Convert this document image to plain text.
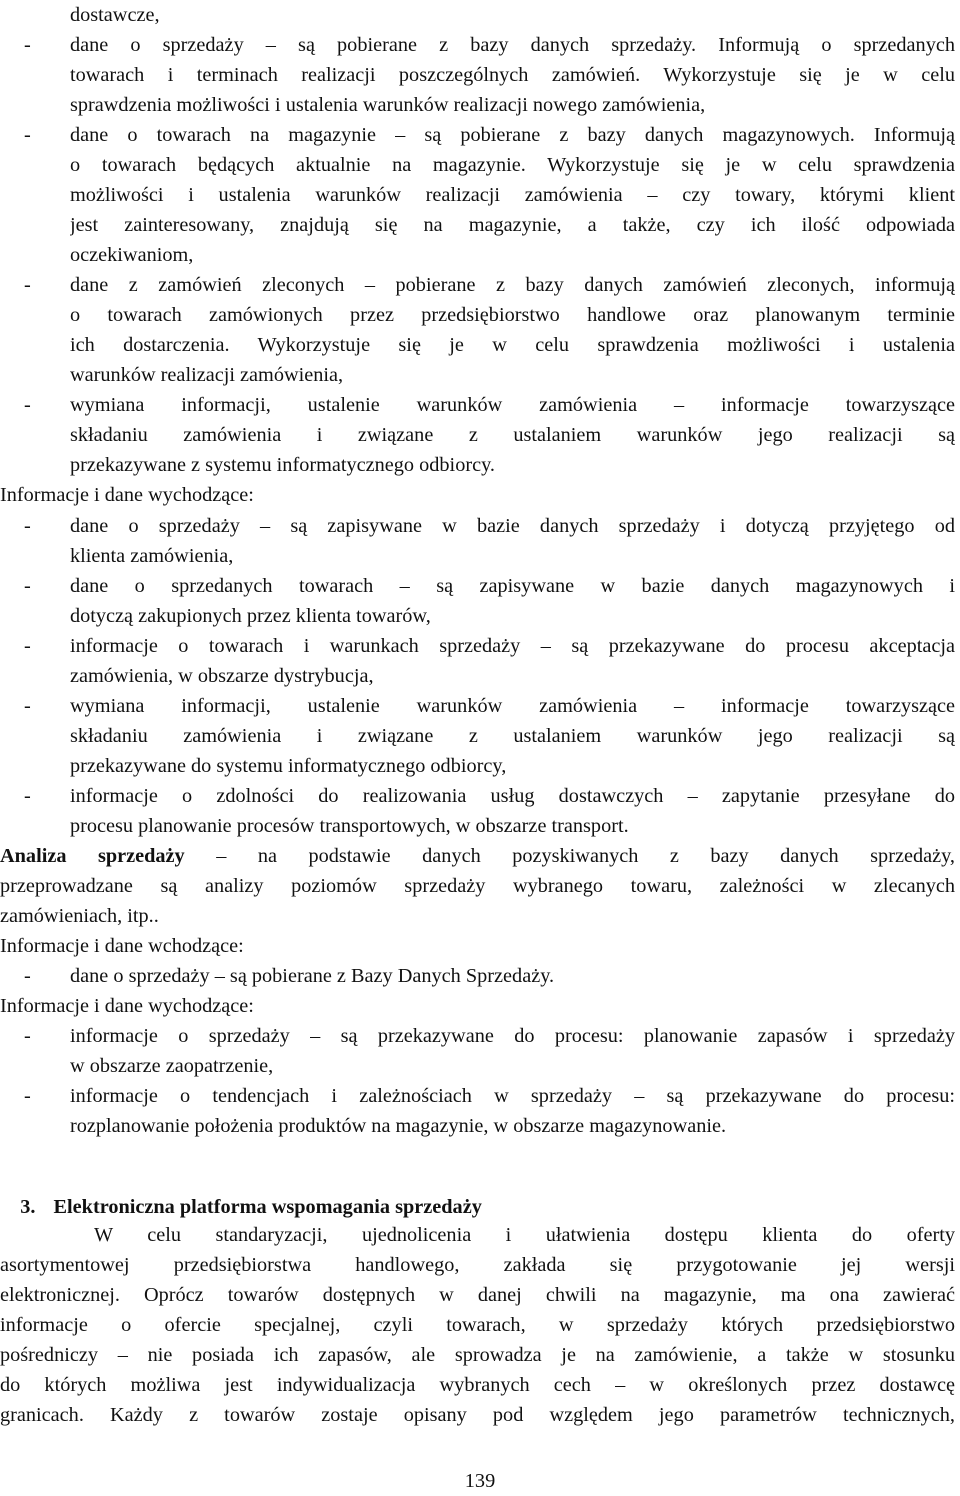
dostawcze,
- dane o sprzedaży – są pobierane z bazy danych sprzedaży. Informują o sprzedanych
towarach i terminach realizacji poszczególnych zamówień. Wykorzystuje się je w celu
sprawdzenia możliwości i ustalenia warunków realizacji nowego zamówienia,
- dane o towarach na magazynie – są pobierane z bazy danych magazynowych. Informują
o towarach będących aktualnie na magazynie. Wykorzystuje się je w celu sprawdzenia
możliwości i ustalenia warunków realizacji zamówienia – czy towary, którymi klient
jest zainteresowany, znajdują się na magazynie, a także, czy ich ilość odpowiada
oczekiwaniom,
- dane z zamówień zleconych – pobierane z bazy danych zamówień zleconych, informują
o towarach zamówionych przez przedsiębiorstwo handlowe oraz planowanym terminie
ich dostarczenia. Wykorzystuje się je w celu sprawdzenia możliwości i ustalenia
warunków realizacji zamówienia,
- wymiana informacji, ustalenie warunków zamówienia – informacje towarzyszące
składaniu zamówienia i związane z ustalaniem warunków jego realizacji są
przekazywane z systemu informatycznego odbiorcy.
Informacje i dane wychodzące:
- dane o sprzedaży – są zapisywane w bazie danych sprzedaży i dotyczą przyjętego od
klienta zamówienia,
- dane o sprzedanych towarach – są zapisywane w bazie danych magazynowych i
dotyczą zakupionych przez klienta towarów,
- informacje o towarach i warunkach sprzedaży – są przekazywane do procesu akceptacja
zamówienia, w obszarze dystrybucja,
- wymiana informacji, ustalenie warunków zamówienia – informacje towarzyszące
składaniu zamówienia i związane z ustalaniem warunków jego realizacji są
przekazywane do systemu informatycznego odbiorcy,
- informacje o zdolności do realizowania usług dostawczych – zapytanie przesyłane do
procesu planowanie procesów transportowych, w obszarze transport.
Analiza sprzedaży – na podstawie danych pozyskiwanych z bazy danych sprzedaży,
przeprowadzane są analizy poziomów sprzedaży wybranego towaru, zależności w zlecanych
zamówieniach, itp..
Informacje i dane wchodzące:
- dane o sprzedaży – są pobierane z Bazy Danych Sprzedaży.
Informacje i dane wychodzące:
- informacje o sprzedaży – są przekazywane do procesu: planowanie zapasów i sprzedaży
w obszarze zaopatrzenie,
- informacje o tendencjach i zależnościach w sprzedaży – są przekazywane do procesu:
rozplanowanie położenia produktów na magazynie, w obszarze magazynowanie.

3. Elektroniczna platforma wspomagania sprzedaży

W celu standaryzacji, ujednolicenia i ułatwienia dostępu klienta do oferty
asortymentowej przedsiębiorstwa handlowego, zakłada się przygotowanie jej wersji
elektronicznej. Oprócz towarów dostępnych w danej chwili na magazynie, ma ona zawierać
informacje o ofercie specjalnej, czyli towarach, w sprzedaży których przedsiębiorstwo
pośredniczy – nie posiada ich zapasów, ale sprowadza je na zamówienie, a także w stosunku
do których możliwa jest indywidualizacja wybranych cech – w określonych przez dostawcę
granicach. Każdy z towarów zostaje opisany pod względem jego parametrów technicznych,
139
